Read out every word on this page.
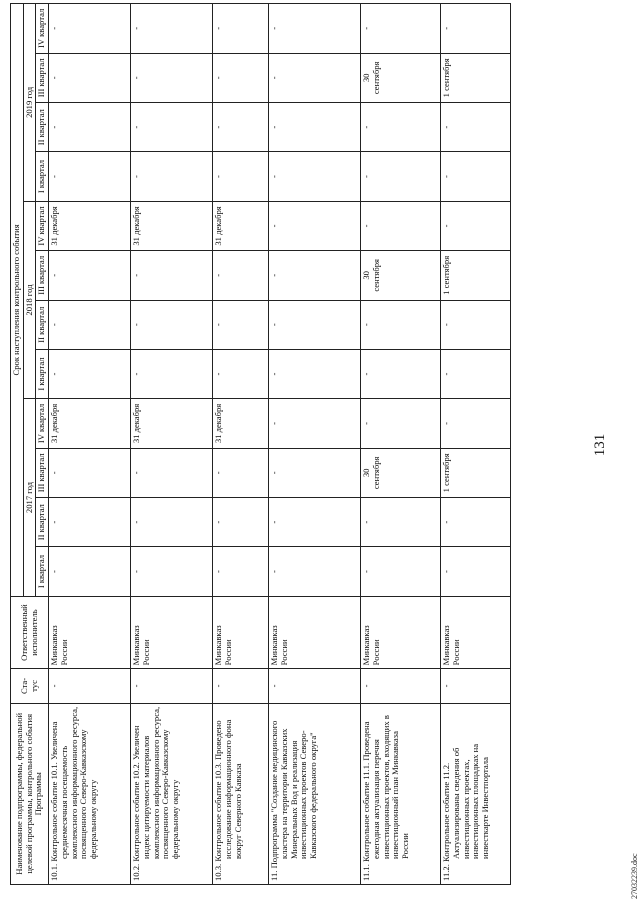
131
Наименование подпрограммы, федеральной целевой программы, контрольного события Программы	Ста-тус	Ответственный исполнитель	Срок наступления контрольного события											
			2017 год				2018 год				2019 год			
			I квартал	II квартал	III квартал	IV квартал	I квартал	II квартал	III квартал	IV квартал	I квартал	II квартал	III квартал	IV квартал

10.1. Контрольное событие 10.1. Увеличена среднемесячная посещаемость комплексного информационного ресурса, посвященного Северо-Кавказскому федеральному округу	-	Минкавказ России	-	-	-	31 декабря	-	-	-	31 декабря	-	-	-	-

10.2. Контрольное событие 10.2. Увеличен индекс цитируемости материалов комплексного информационного ресурса, посвященного Северо-Кавказскому федеральному округу	-	Минкавказ России	-	-	-	31 декабря	-	-	-	31 декабря	-	-	-	-

10.3. Контрольное событие 10.3. Проведено исследование информационного фона вокруг Северного Кавказа	-	Минкавказ России	-	-	-	31 декабря	-	-	-	31 декабря	-	-	-	-

11. Подпрограмма "Создание медицинского кластера на территории Кавказских Минеральных Вод и реализация инвестиционных проектов Северо-Кавказского федерального округа"	-	Минкавказ России	-	-	-	-	-	-	-	-	-	-	-	-

11.1. Контрольное событие 11.1. Проведена ежегодная актуализация перечня инвестиционных проектов, входящих в инвестиционный план Минкавказа России	-	Минкавказ России	-	-	30 сентября	-	-	-	30 сентября	-	-	-	30 сентября	-

11.2. Контрольное событие 11.2. Актуализированы сведения об инвестиционных проектах, инвестиционных площадках на инвесткарте Инвестпортала	-	Минкавказ России	-	-	1 сентября	-	-	-	1 сентября	-	-	-	1 сентября	-
27032239.doc
